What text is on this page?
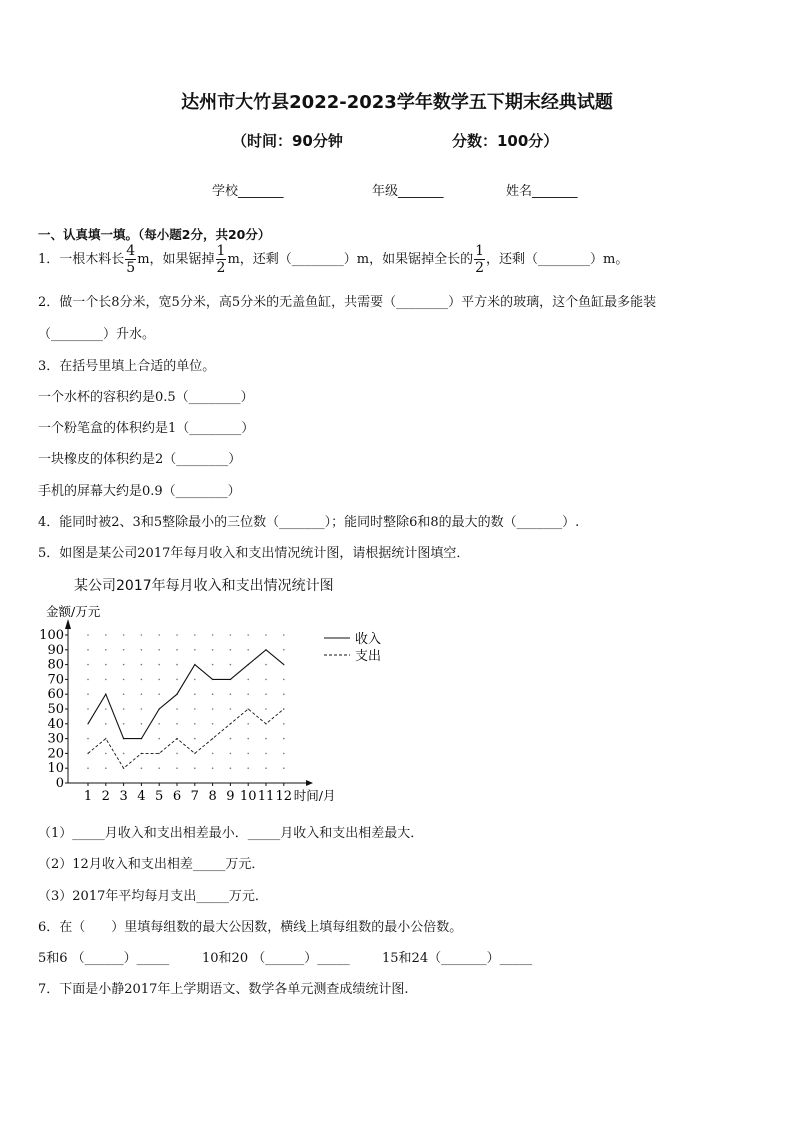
达州市大竹县2022-2023学年数学五下期末经典试题
（时间：90分钟	分数：100分）
学校_______	年级_______	姓名_______
一、认真填一填。（每小题2分，共20分）
1．一根木料长 $\frac{4}{5}$ m，如果锯掉 $\frac{1}{2}$ m，还剩（________）m，如果锯掉全长的 $\frac{1}{2}$ ，还剩（________）m。
2．做一个长8分米，宽5分米，高5分米的无盖鱼缸，共需要（________）平方米的玻璃，这个鱼缸最多能装
（________）升水。
3．在括号里填上合适的单位。
一个水杯的容积约是0.5（________）
一个粉笔盒的体积约是1（________）
一块橡皮的体积约是2（________）
手机的屏幕大约是0.9（________）
4．能同时被2、3和5整除最小的三位数（_______）；能同时整除6和8的最大的数（_______）.
5．如图是某公司2017年每月收入和支出情况统计图，请根据统计图填空．
某公司2017年每月收入和支出情况统计图
0
10
20
30
40
50
60
70
80
90
100
1 2 3 4 5 6 7 8 9 10 11 12
金额/万元
时间/月
收入
支出
（1）_____月收入和支出相差最小．_____月收入和支出相差最大．
（2）12月收入和支出相差_____万元．
（3）2017年平均每月支出_____万元．
6．在（　　）里填每组数的最大公因数，横线上填每组数的最小公倍数。
5和6 （______）_____	10和20 （______）_____ 15和24（_______）_____
7．下面是小静2017年上学期语文、数学各单元测查成绩统计图.
